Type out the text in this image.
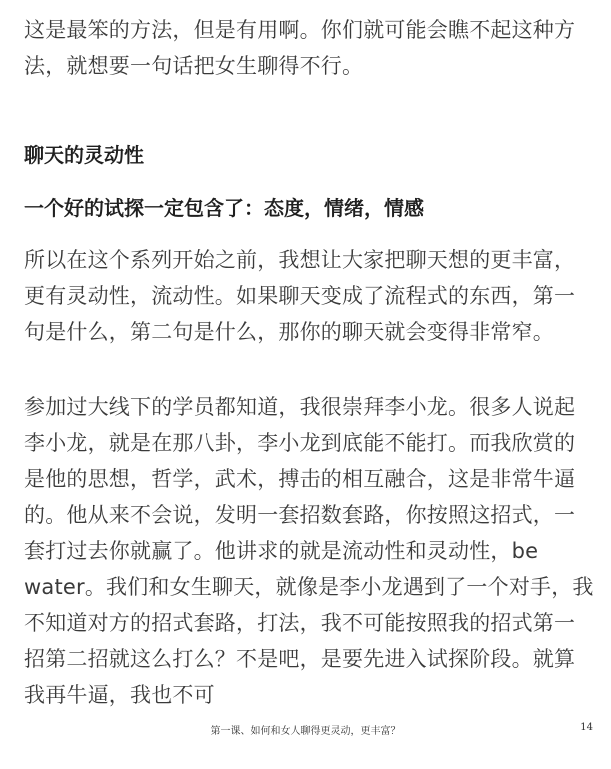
这是最笨的方法，但是有用啊。你们就可能会瞧不起这种方法，就想要一句话把女生聊得不行。

聊天的灵动性
一个好的试探一定包含了：态度，情绪，情感

所以在这个系列开始之前，我想让大家把聊天想的更丰富，更有灵动性，流动性。如果聊天变成了流程式的东西，第一句是什么，第二句是什么，那你的聊天就会变得非常窄。

参加过大线下的学员都知道，我很崇拜李小龙。很多人说起李小龙，就是在那八卦，李小龙到底能不能打。而我欣赏的是他的思想，哲学，武术，搏击的相互融合，这是非常牛逼的。他从来不会说，发明一套招数套路，你按照这招式，一套打过去你就赢了。他讲求的就是流动性和灵动性，be water。我们和女生聊天，就像是李小龙遇到了一个对手，我不知道对方的招式套路，打法，我不可能按照我的招式第一招第二招就这么打么？不是吧，是要先进入试探阶段。就算我再牛逼，我也不可

第一课、如何和女人聊得更灵动，更丰富？	14
